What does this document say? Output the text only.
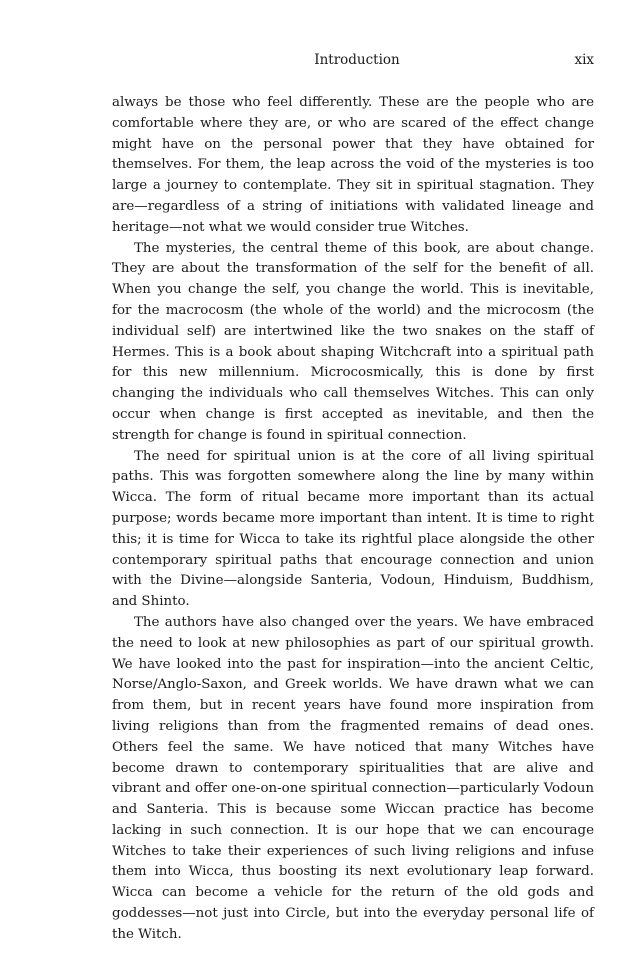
Introduction	xix

always be those who feel differently. These are the people who are comfortable where they are, or who are scared of the effect change might have on the personal power that they have obtained for themselves. For them, the leap across the void of the mysteries is too large a journey to contemplate. They sit in spiritual stagnation. They are—regardless of a string of initiations with validated lineage and heritage—not what we would consider true Witches.

The mysteries, the central theme of this book, are about change. They are about the transformation of the self for the benefit of all. When you change the self, you change the world. This is inevitable, for the macrocosm (the whole of the world) and the microcosm (the individual self) are intertwined like the two snakes on the staff of Hermes. This is a book about shaping Witchcraft into a spiritual path for this new millennium. Microcosmically, this is done by first changing the individuals who call themselves Witches. This can only occur when change is first accepted as inevitable, and then the strength for change is found in spiritual connection.

The need for spiritual union is at the core of all living spiritual paths. This was forgotten somewhere along the line by many within Wicca. The form of ritual became more important than its actual purpose; words became more important than intent. It is time to right this; it is time for Wicca to take its rightful place alongside the other contemporary spiritual paths that encourage connection and union with the Divine—alongside Santeria, Vodoun, Hinduism, Buddhism, and Shinto.

The authors have also changed over the years. We have embraced the need to look at new philosophies as part of our spiritual growth. We have looked into the past for inspiration—into the ancient Celtic, Norse/Anglo-Saxon, and Greek worlds. We have drawn what we can from them, but in recent years have found more inspiration from living religions than from the fragmented remains of dead ones. Others feel the same. We have noticed that many Witches have become drawn to contemporary spiritualities that are alive and vibrant and offer one-on-one spiritual connection—particularly Vodoun and Santeria. This is because some Wiccan practice has become lacking in such connection. It is our hope that we can encourage Witches to take their experiences of such living religions and infuse them into Wicca, thus boosting its next evolutionary leap forward. Wicca can become a vehicle for the return of the old gods and goddesses—not just into Circle, but into the everyday personal life of the Witch.
